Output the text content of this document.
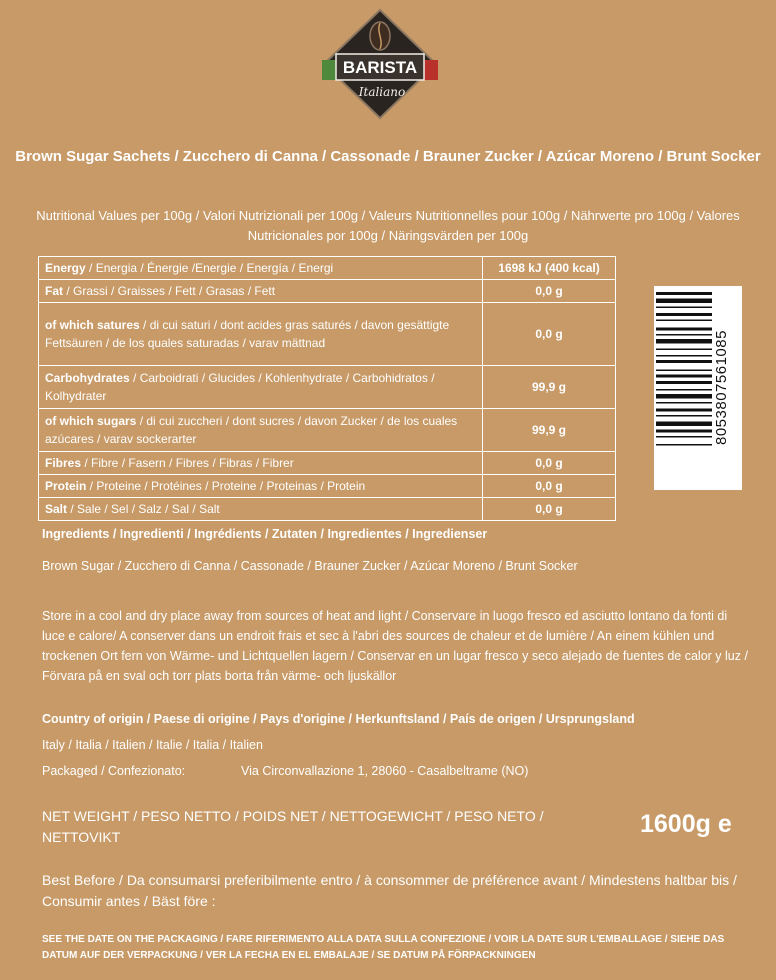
BARISTA
Italiano
Brown Sugar Sachets / Zucchero di Canna / Cassonade / Brauner Zucker / Azúcar Moreno / Brunt Socker
Nutritional Values per 100g / Valori Nutrizionali per 100g / Valeurs Nutritionnelles pour 100g / Nährwerte pro 100g / Valores Nutricionales por 100g / Näringsvärden per 100g
Energy / Energia / Énergie /Energie / Energía / Energi	1698 kJ (400 kcal)
Fat / Grassi / Graisses / Fett / Grasas / Fett	0,0 g
of which satures / di cui saturi / dont acides gras saturés / davon gesättigte Fettsäuren / de los quales saturadas / varav mättnad	0,0 g
Carbohydrates / Carboidrati / Glucides / Kohlenhydrate / Carbohidratos / Kolhydrater	99,9 g
of which sugars / di cui zuccheri / dont sucres / davon Zucker / de los cuales azúcares / varav sockerarter	99,9 g
Fibres / Fibre / Fasern / Fibres / Fibras / Fibrer	0,0 g
Protein / Proteine / Protéines / Proteine / Proteinas / Protein	0,0 g
Salt / Sale / Sel / Salz / Sal / Salt	0,0 g
8053807561085
Ingredients / Ingredienti / Ingrédients / Zutaten / Ingredientes / Ingredienser
Brown Sugar / Zucchero di Canna / Cassonade / Brauner Zucker / Azúcar Moreno / Brunt Socker
Store in a cool and dry place away from sources of heat and light / Conservare in luogo fresco ed asciutto lontano da fonti di luce e calore/ A conserver dans un endroit frais et sec à l'abri des sources de chaleur et de lumière / An einem kühlen und trockenen Ort fern von Wärme- und Lichtquellen lagern / Conservar en un lugar fresco y seco alejado de fuentes de calor y luz / Förvara på en sval och torr plats borta från värme- och ljuskällor
Country of origin / Paese di origine / Pays d'origine / Herkunftsland / País de origen / Ursprungsland
Italy / Italia / Italien / Italie / Italia / Italien
Packaged / Confezionato:	Via Circonvallazione 1, 28060 - Casalbeltrame (NO)
NET WEIGHT / PESO NETTO / POIDS NET / NETTOGEWICHT / PESO NETO / NETTOVIKT	1600g e
Best Before / Da consumarsi preferibilmente entro / à consommer de préférence avant / Mindestens haltbar bis / Consumir antes / Bäst före :
SEE THE DATE ON THE PACKAGING / FARE RIFERIMENTO ALLA DATA SULLA CONFEZIONE / VOIR LA DATE SUR L'EMBALLAGE / SIEHE DAS DATUM AUF DER VERPACKUNG / VER LA FECHA EN EL EMBALAJE / SE DATUM PÅ FÖRPACKNINGEN
